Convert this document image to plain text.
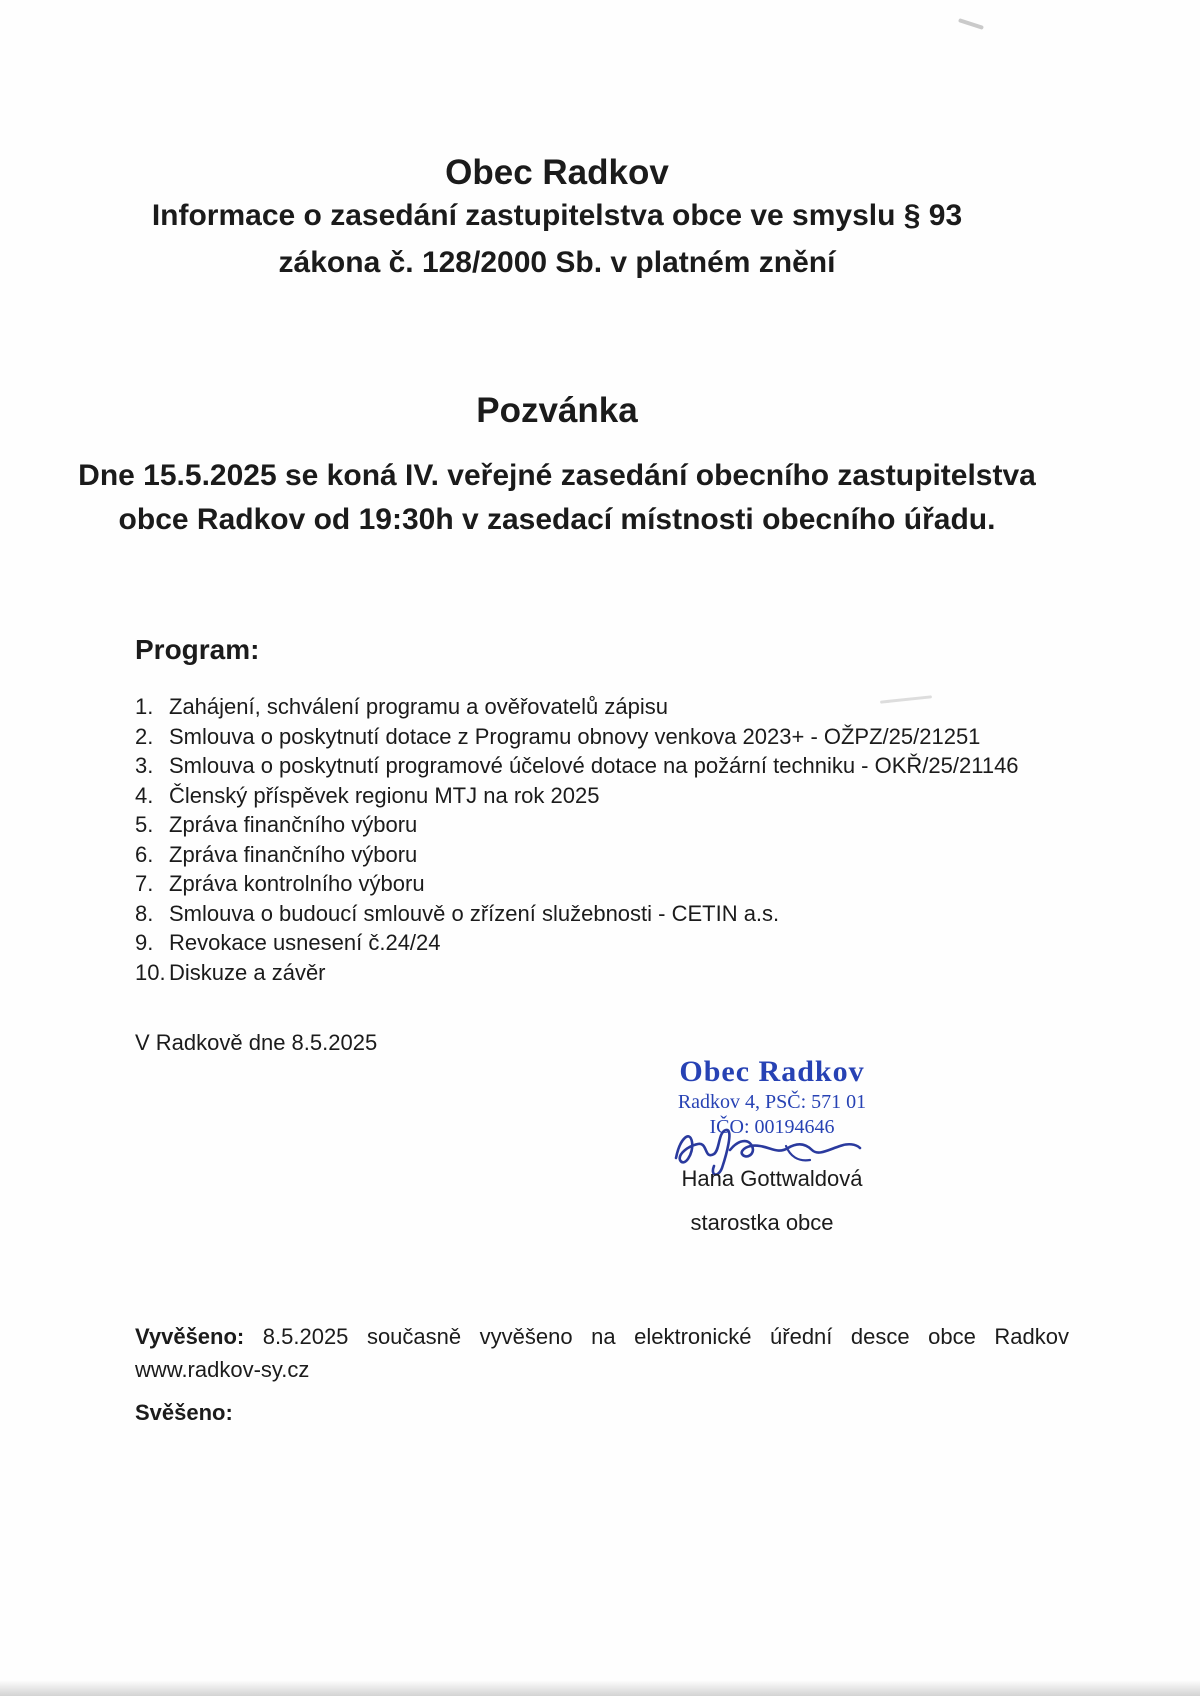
Obec Radkov
Informace o zasedání zastupitelstva obce ve smyslu § 93
zákona č. 128/2000 Sb. v platném znění
Pozvánka

Dne 15.5.2025 se koná IV. veřejné zasedání obecního zastupitelstva obce Radkov od 19:30h v zasedací místnosti obecního úřadu.

Program:
Zahájení, schválení programu a ověřovatelů zápisu
Smlouva o poskytnutí dotace z Programu obnovy venkova 2023+ - OŽPZ/25/21251
Smlouva o poskytnutí programové účelové dotace na požární techniku - OKŘ/25/21146
Členský příspěvek regionu MTJ na rok 2025
Zpráva finančního výboru
Zpráva finančního výboru
Zpráva kontrolního výboru
Smlouva o budoucí smlouvě o zřízení služebnosti - CETIN a.s.
Revokace usnesení č.24/24
Diskuze a závěr
V Radkově dne 8.5.2025
Obec Radkov
Radkov 4, PSČ: 571 01
IČO: 00194646
Hana Gottwaldová
starostka obce

Vyvěšeno: 8.5.2025 současně vyvěšeno na elektronické úřední desce obce Radkov www.radkov-sy.cz

Svěšeno:
